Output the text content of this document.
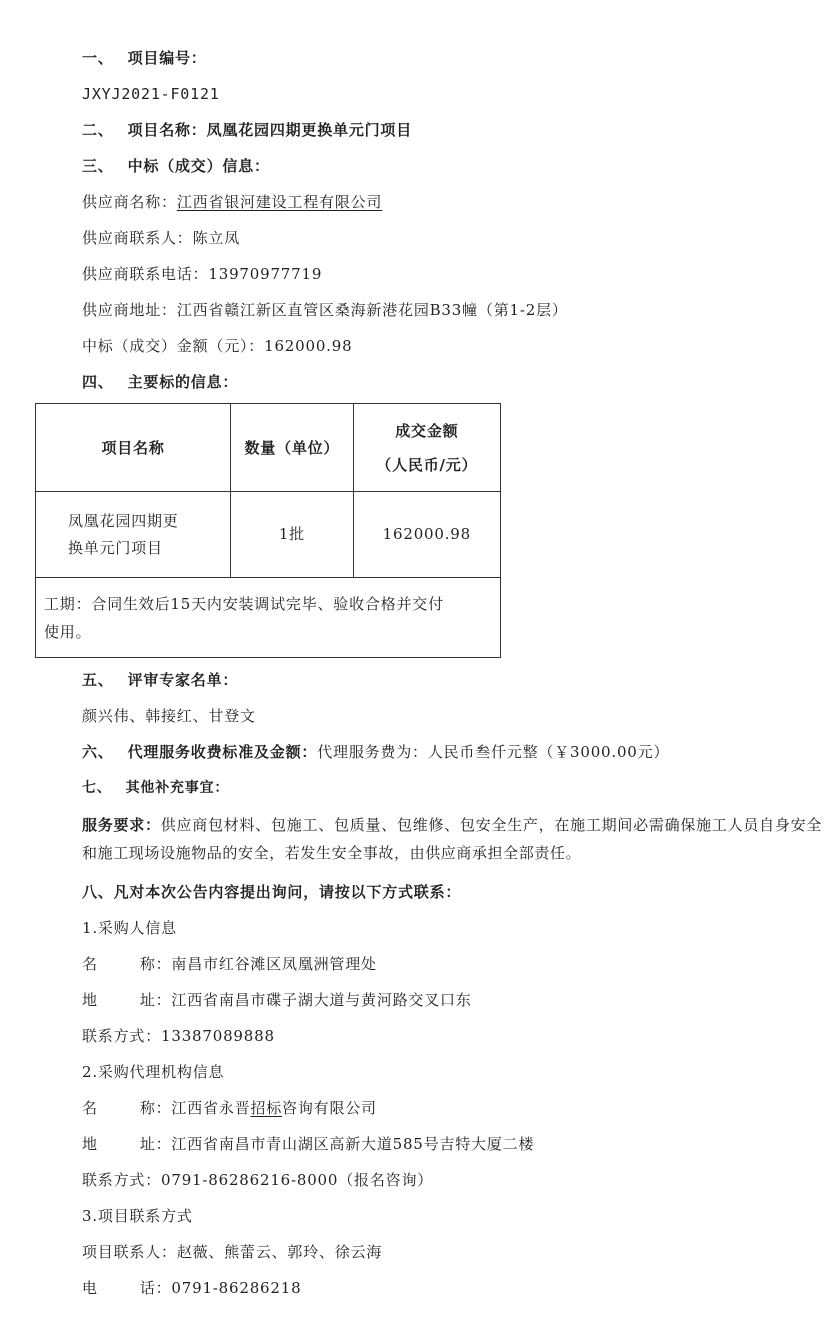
一、 项目编号：
JXYJ2021-F0121
二、 项目名称：凤凰花园四期更换单元门项目
三、 中标（成交）信息：
供应商名称：江西省银河建设工程有限公司
供应商联系人：陈立凤
供应商联系电话：13970977719
供应商地址：江西省赣江新区直管区桑海新港花园B33幢（第1-2层）
中标（成交）金额（元）：162000.98
四、 主要标的信息：
项目名称	数量（单位）	成交金额
（人民币/元）

凤凰花园四期更
换单元门项目	1批	162000.98

工期：合同生效后15天内安装调试完毕、验收合格并交付
使用。		
五、 评审专家名单：
颜兴伟、韩接红、甘登文
六、 代理服务收费标准及金额：代理服务费为：人民币叁仟元整（￥3000.00元）
七、 其他补充事宜：
服务要求：供应商包材料、包施工、包质量、包维修、包安全生产，在施工期间必需确保施工人员自身安全和施工现场设施物品的安全，若发生安全事故，由供应商承担全部责任。
八、凡对本次公告内容提出询问，请按以下方式联系：
1.采购人信息
名	称：南昌市红谷滩区凤凰洲管理处
地	址：江西省南昌市碟子湖大道与黄河路交叉口东
联系方式：13387089888
2.采购代理机构信息
名	称：江西省永晋招标咨询有限公司
地	址：江西省南昌市青山湖区高新大道585号吉特大厦二楼
联系方式：0791-86286216-8000（报名咨询）
3.项目联系方式
项目联系人：赵薇、熊蕾云、郭玲、徐云海
电	话：0791-86286218
